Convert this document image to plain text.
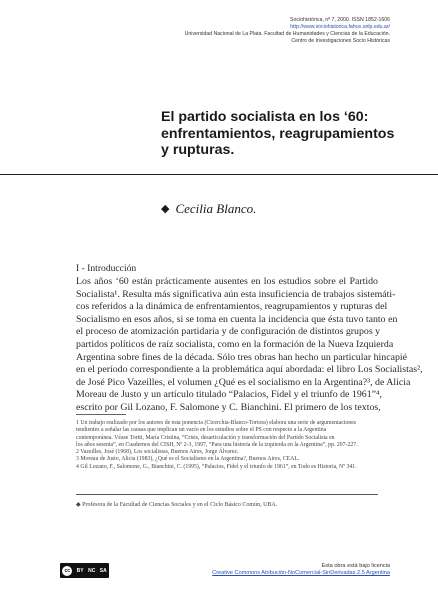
Sociohistórica, nº 7, 2000. ISSN 1852-1606
http://www.sociohistorica.fahce.unlp.edu.ar/
Universidad Nacional de La Plata. Facultad de Humanidades y Ciencias de la Educación.
Centro de Investigaciones Socio Históricas
El partido socialista en los ‘60:
enfrentamientos, reagrupamientos
y rupturas.
◆ Cecilia Blanco.
I - Introducción
Los años ‘60 están prácticamente ausentes en los estudios sobre el Partido
Socialista¹. Resulta más significativa aún esta insuficiencia de trabajos sistemáti-
cos referidos a la dinámica de enfrentamientos, reagrupamientos y rupturas del
Socialismo en esos años, si se toma en cuenta la incidencia que ésta tuvo tanto en
el proceso de atomización partidaria y de configuración de distintos grupos y
partidos políticos de raíz socialista, como en la formación de la Nueva Izquierda
Argentina sobre fines de la década. Sólo tres obras han hecho un particular hincapié
en el período correspondiente a la problemática aquí abordada: el libro Los Socialistas²,
de José Pico Vazeilles, el volumen ¿Qué es el socialismo en la Argentina?³, de Alicia
Moreau de Justo y un artículo titulado “Palacios, Fidel y el triunfo de 1961”⁴,
escrito por Gil Lozano, F. Salomone y C. Bianchini. El primero de los textos,
1 Un trabajo realizado por los autores de esta ponencia (Cicerchia-Blanco-Tortora) elabora una serie de argumentaciones
tendientes a señalar las causas que implican un vacío en los estudios sobre el PS con respecto a la Argentina
contemporánea. Véase Tortti, María Cristina, “Crisis, desarticulación y transformación del Partido Socialista en
los años sesenta”, en Cuadernos del CISH, Nº 2-3, 1997, “Para una historia de la izquierda en la Argentina”, pp. 207-227.
2 Vazeilles, José (1968), Los socialistas, Buenos Aires, Jorge Álvarez.
3 Moreau de Justo, Alicia (1983), ¿Qué es el Socialismo en la Argentina?, Buenos Aires, CEAL.
4 Gil Lozano, F., Salomone, G., Bianchini, C. (1995), “Palacios, Fidel y el triunfo de 1961”, en Todo es Historia, Nº 341.
◆ Profesora de la Facultad de Ciencias Sociales y en el Ciclo Básico Común, UBA.
cc	BY NC SA
Esta obra está bajo licencia
Creative Commons Atribución-NoComercial-SinDerivadas 2.5 Argentina
